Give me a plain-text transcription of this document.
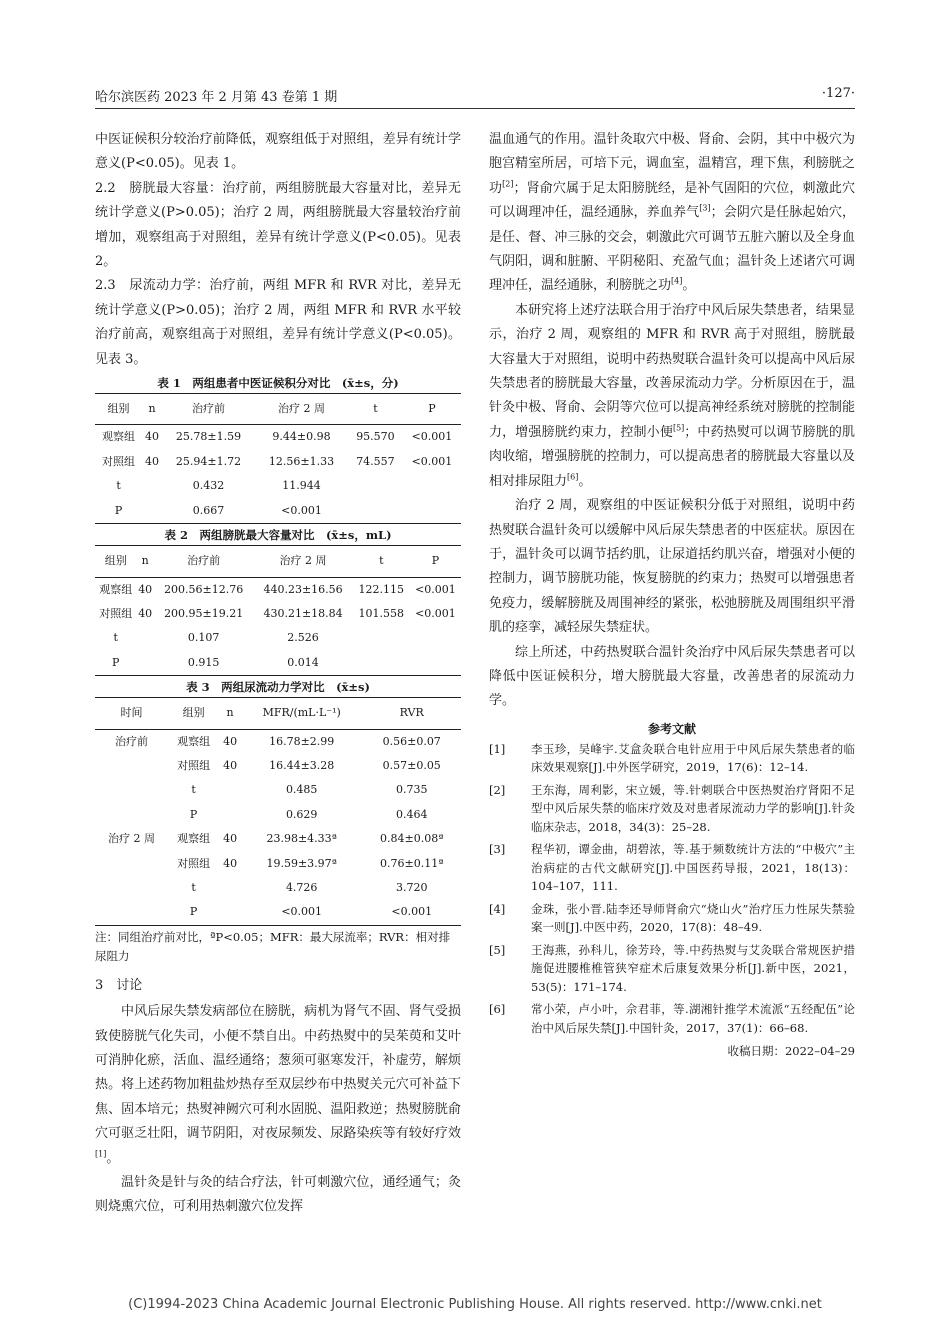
哈尔滨医药 2023 年 2 月第 43 卷第 1 期	·127·

中医证候积分较治疗前降低，观察组低于对照组，差异有统计学意义(P<0.05)。见表 1。

2.2　膀胱最大容量：治疗前，两组膀胱最大容量对比，差异无统计学意义(P>0.05)；治疗 2 周，两组膀胱最大容量较治疗前增加，观察组高于对照组，差异有统计学意义(P<0.05)。见表 2。

2.3　尿流动力学：治疗前，两组 MFR 和 RVR 对比，差异无统计学意义(P>0.05)；治疗 2 周，两组 MFR 和 RVR 水平较治疗前高，观察组高于对照组，差异有统计学意义(P<0.05)。见表 3。

表 1　两组患者中医证候积分对比　(x̄±s，分)
组别	n	治疗前	治疗 2 周	t	P
观察组	40	25.78±1.59	9.44±0.98	95.570	<0.001
对照组	40	25.94±1.72	12.56±1.33	74.557	<0.001
t		0.432	11.944		
P		0.667	<0.001		
表 2　两组膀胱最大容量对比　(x̄±s，mL)
组别	n	治疗前	治疗 2 周	t	P
观察组	40	200.56±12.76	440.23±16.56	122.115	<0.001
对照组	40	200.95±19.21	430.21±18.84	101.558	<0.001
t		0.107	2.526		
P		0.915	0.014		
表 3　两组尿流动力学对比　(x̄±s)
时间	组别	n	MFR/(mL·L⁻¹)	RVR
治疗前	观察组	40	16.78±2.99	0.56±0.07
	对照组	40	16.44±3.28	0.57±0.05
	t		0.485	0.735
	P		0.629	0.464
治疗 2 周	观察组	40	23.98±4.33ª	0.84±0.08ª
	对照组	40	19.59±3.97ª	0.76±0.11ª
	t		4.726	3.720
	P		<0.001	<0.001
注：同组治疗前对比，ªP<0.05；MFR：最大尿流率；RVR：相对排尿阻力

3　讨论

中风后尿失禁发病部位在膀胱，病机为肾气不固、肾气受损致使膀胱气化失司，小便不禁自出。中药热熨中的吴茱萸和艾叶可消肿化瘀，活血、温经通络；葱须可驱寒发汗，补虚劳，解烦热。将上述药物加粗盐炒热存至双层纱布中热熨关元穴可补益下焦、固本培元；热熨神阙穴可利水固脱、温阳救逆；热熨膀胱俞穴可驱乏壮阳，调节阴阳，对夜尿频发、尿路染疾等有较好疗效[1]。

温针灸是针与灸的结合疗法，针可刺激穴位，通经通气；灸则烧熏穴位，可利用热刺激穴位发挥

温血通气的作用。温针灸取穴中极、肾俞、会阴，其中中极穴为胞宫精室所居，可培下元，调血室，温精宫，理下焦，利膀胱之功[2]；肾俞穴属于足太阳膀胱经，是补气固阳的穴位，刺激此穴可以调理冲任，温经通脉，养血养气[3]；会阴穴是任脉起始穴，是任、督、冲三脉的交会，刺激此穴可调节五脏六腑以及全身血气阴阳，调和脏腑、平阴秘阳、充盈气血；温针灸上述诸穴可调理冲任，温经通脉，利膀胱之功[4]。

本研究将上述疗法联合用于治疗中风后尿失禁患者，结果显示，治疗 2 周，观察组的 MFR 和 RVR 高于对照组，膀胱最大容量大于对照组，说明中药热熨联合温针灸可以提高中风后尿失禁患者的膀胱最大容量，改善尿流动力学。分析原因在于，温针灸中极、肾俞、会阴等穴位可以提高神经系统对膀胱的控制能力，增强膀胱约束力，控制小便[5]；中药热熨可以调节膀胱的肌肉收缩，增强膀胱的控制力，可以提高患者的膀胱最大容量以及相对排尿阻力[6]。

治疗 2 周，观察组的中医证候积分低于对照组，说明中药热熨联合温针灸可以缓解中风后尿失禁患者的中医症状。原因在于，温针灸可以调节括约肌，让尿道括约肌兴奋，增强对小便的控制力，调节膀胱功能，恢复膀胱的约束力；热熨可以增强患者免疫力，缓解膀胱及周围神经的紧张，松弛膀胱及周围组织平滑肌的痉挛，减轻尿失禁症状。

综上所述，中药热熨联合温针灸治疗中风后尿失禁患者可以降低中医证候积分，增大膀胱最大容量，改善患者的尿流动力学。

参考文献
[1]	李玉珍，吴峰宇.艾盒灸联合电针应用于中风后尿失禁患者的临床效果观察[J].中外医学研究，2019，17(6)：12–14.
[2]	王东海，周利影，宋立媛，等.针刺联合中医热熨治疗肾阳不足型中风后尿失禁的临床疗效及对患者尿流动力学的影响[J].针灸临床杂志，2018，34(3)：25–28.
[3]	程华初，谭金曲，胡碧浓，等.基于频数统计方法的“中极穴”主治病症的古代文献研究[J].中国医药导报，2021，18(13)：104–107，111.
[4]	金珠，张小晋.陆李还导师肾俞穴“烧山火”治疗压力性尿失禁验案一则[J].中医中药，2020，17(8)：48–49.
[5]	王海燕，孙科儿，徐芳玲，等.中药热熨与艾灸联合常规医护措施促进腰椎椎管狭窄症术后康复效果分析[J].新中医，2021，53(5)：171–174.
[6]	常小荣，卢小叶，佘君菲，等.湖湘针推学术流派“五经配伍”论治中风后尿失禁[J].中国针灸，2017，37(1)：66–68.
收稿日期：2022–04–29
(C)1994-2023 China Academic Journal Electronic Publishing House. All rights reserved. http://www.cnki.net
